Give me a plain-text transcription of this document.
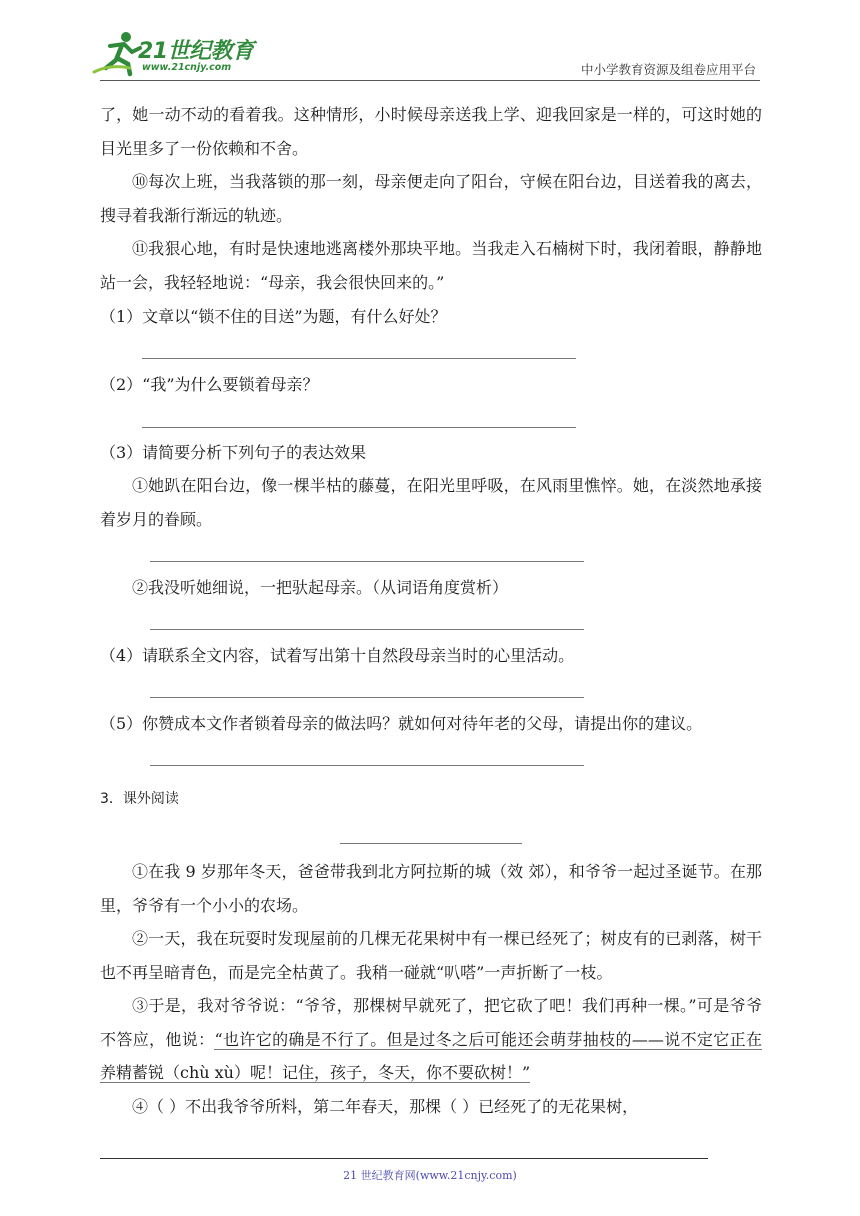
21世纪教育
www.21cnjy.com	中小学教育资源及组卷应用平台

了，她一动不动的看着我。这种情形，小时候母亲送我上学、迎我回家是一样的，可这时她的目光里多了一份依赖和不舍。

⑩每次上班，当我落锁的那一刻，母亲便走向了阳台，守候在阳台边，目送着我的离去，搜寻着我渐行渐远的轨迹。

⑪我狠心地，有时是快速地逃离楼外那块平地。当我走入石楠树下时，我闭着眼，静静地站一会，我轻轻地说：“母亲，我会很快回来的。”

（1）文章以“锁不住的目送”为题，有什么好处？

（2）“我”为什么要锁着母亲？

（3）请简要分析下列句子的表达效果

①她趴在阳台边，像一棵半枯的藤蔓，在阳光里呼吸，在风雨里憔悴。她，在淡然地承接着岁月的眷顾。

②我没听她细说，一把驮起母亲。（从词语角度赏析）

（4）请联系全文内容，试着写出第十自然段母亲当时的心里活动。

（5）你赞成本文作者锁着母亲的做法吗？就如何对待年老的父母，请提出你的建议。

3．课外阅读

①在我 9 岁那年冬天，爸爸带我到北方阿拉斯的城（效 郊），和爷爷一起过圣诞节。在那里，爷爷有一个小小的农场。

②一天，我在玩耍时发现屋前的几棵无花果树中有一棵已经死了；树皮有的已剥落，树干也不再呈暗青色，而是完全枯黄了。我稍一碰就“叭嗒”一声折断了一枝。

③于是，我对爷爷说：“爷爷，那棵树早就死了，把它砍了吧！我们再种一棵。”可是爷爷不答应，他说：“也许它的确是不行了。但是过冬之后可能还会萌芽抽枝的——说不定它正在养精蓄锐（chù xù）呢！记住，孩子，冬天，你不要砍树！”

④（ ）不出我爷爷所料，第二年春天，那棵（ ）已经死了的无花果树，

21 世纪教育网(www.21cnjy.com)
